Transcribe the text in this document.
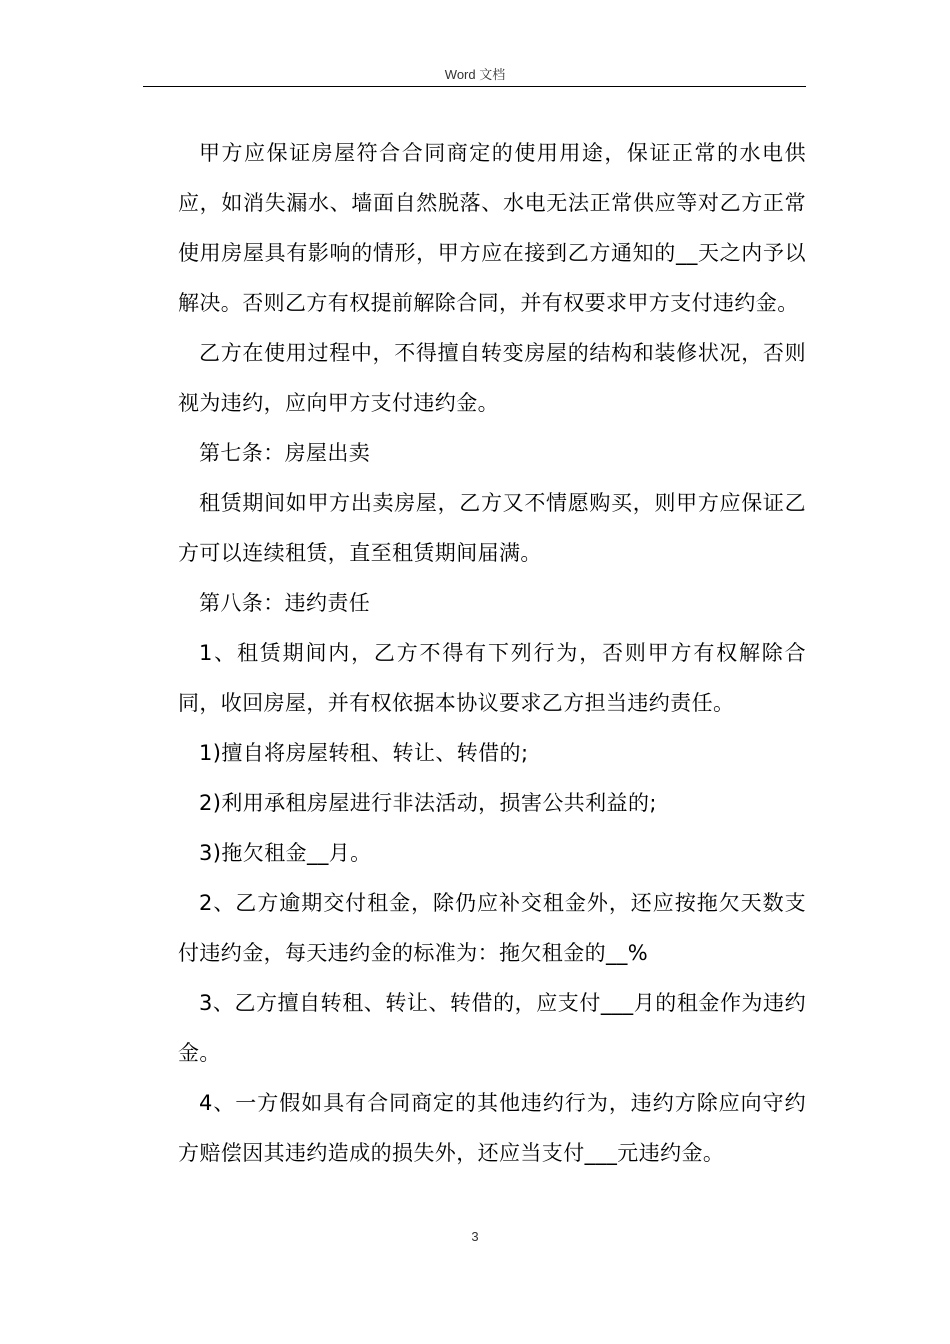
Word 文档

甲方应保证房屋符合合同商定的使用用途，保证正常的水电供应，如消失漏水、墙面自然脱落、水电无法正常供应等对乙方正常使用房屋具有影响的情形，甲方应在接到乙方通知的__天之内予以解决。否则乙方有权提前解除合同，并有权要求甲方支付违约金。

乙方在使用过程中，不得擅自转变房屋的结构和装修状况，否则视为违约，应向甲方支付违约金。

第七条：房屋出卖

租赁期间如甲方出卖房屋，乙方又不情愿购买，则甲方应保证乙方可以连续租赁，直至租赁期间届满。

第八条：违约责任

1、租赁期间内，乙方不得有下列行为，否则甲方有权解除合同，收回房屋，并有权依据本协议要求乙方担当违约责任。

1)擅自将房屋转租、转让、转借的;

2)利用承租房屋进行非法活动，损害公共利益的;

3)拖欠租金__月。

2、乙方逾期交付租金，除仍应补交租金外，还应按拖欠天数支付违约金，每天违约金的标准为：拖欠租金的__%

3、乙方擅自转租、转让、转借的，应支付___月的租金作为违约金。

4、一方假如具有合同商定的其他违约行为，违约方除应向守约方赔偿因其违约造成的损失外，还应当支付___元违约金。

3
